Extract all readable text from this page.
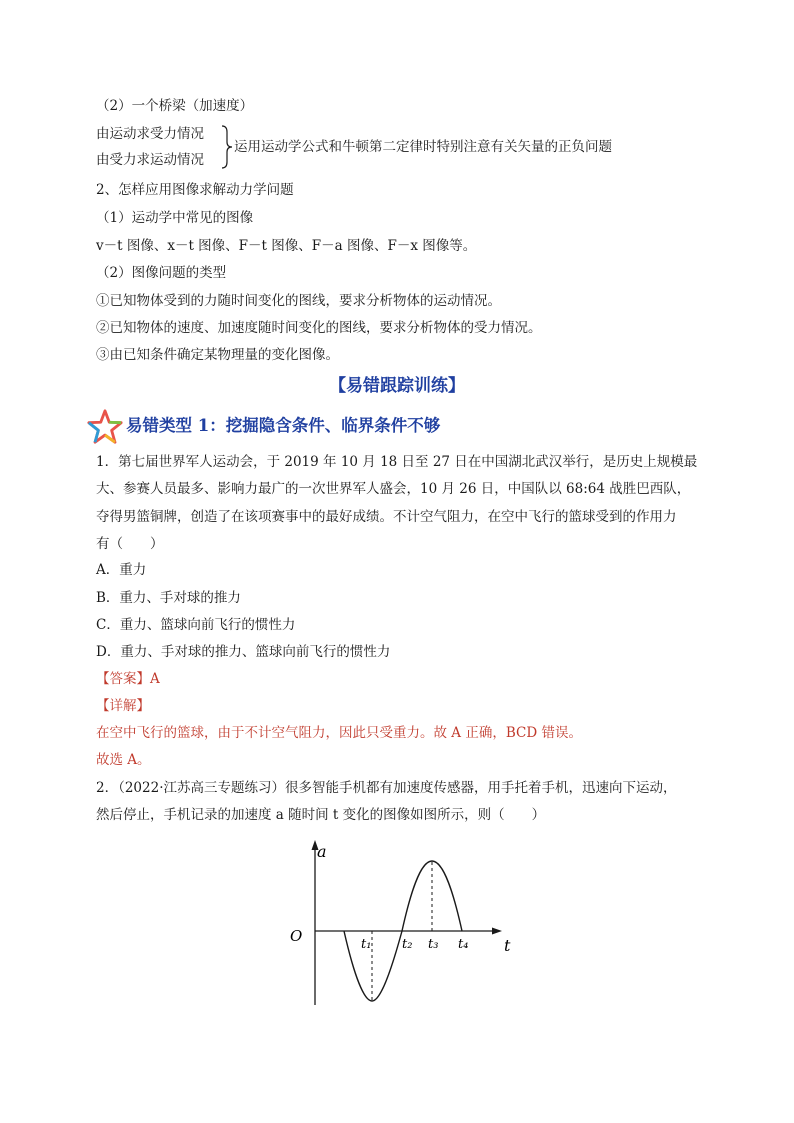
（2）一个桥梁（加速度）
由运动求受力情况
由受力求运动情况
运用运动学公式和牛顿第二定律时特别注意有关矢量的正负问题
2、怎样应用图像求解动力学问题
（1）运动学中常见的图像
v－t 图像、x－t 图像、F－t 图像、F－a 图像、F－x 图像等。
（2）图像问题的类型
①已知物体受到的力随时间变化的图线，要求分析物体的运动情况。
②已知物体的速度、加速度随时间变化的图线，要求分析物体的受力情况。
③由已知条件确定某物理量的变化图像。
【易错跟踪训练】
易错类型 1：挖掘隐含条件、临界条件不够
1．第七届世界军人运动会，于 2019 年 10 月 18 日至 27 日在中国湖北武汉举行，是历史上规模最
大、参赛人员最多、影响力最广的一次世界军人盛会，10 月 26 日，中国队以 68:64 战胜巴西队，
夺得男篮铜牌，创造了在该项赛事中的最好成绩。不计空气阻力，在空中飞行的篮球受到的作用力
有（　　）
A．重力
B．重力、手对球的推力
C．重力、篮球向前飞行的惯性力
D．重力、手对球的推力、篮球向前飞行的惯性力
【答案】A
【详解】
在空中飞行的篮球，由于不计空气阻力，因此只受重力。故 A 正确，BCD 错误。
故选 A。
2．（2022·江苏高三专题练习）很多智能手机都有加速度传感器，用手托着手机，迅速向下运动，
然后停止，手机记录的加速度 a 随时间 t 变化的图像如图所示，则（　　）
a
t
O	t₁ t₂ t₃ t₄
